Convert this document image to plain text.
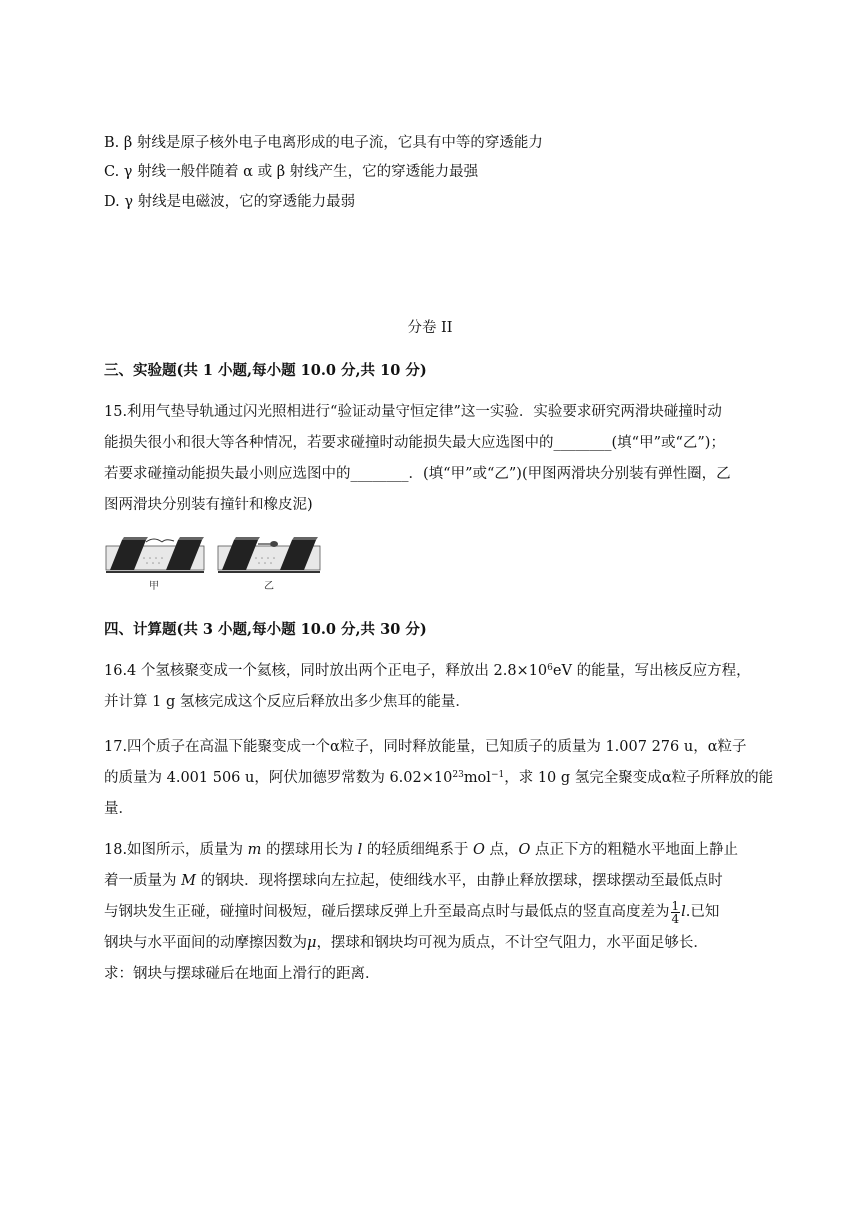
B. β 射线是原子核外电子电离形成的电子流，它具有中等的穿透能力
C. γ 射线一般伴随着 α 或 β 射线产生，它的穿透能力最强
D. γ 射线是电磁波，它的穿透能力最弱
分卷 II
三、实验题(共 1 小题,每小题 10.0 分,共 10 分)
15.利用气垫导轨通过闪光照相进行“验证动量守恒定律”这一实验．实验要求研究两滑块碰撞时动
能损失很小和很大等各种情况，若要求碰撞时动能损失最大应选图中的________(填“甲”或“乙”)；
若要求碰撞动能损失最小则应选图中的________．(填“甲”或“乙”)(甲图两滑块分别装有弹性圈，乙
图两滑块分别装有撞针和橡皮泥)
甲	乙
四、计算题(共 3 小题,每小题 10.0 分,共 30 分)
16.4 个氢核聚变成一个氦核，同时放出两个正电子，释放出 $2.8\times 10^6eV$ 的能量，写出核反应方程，
并计算 1 g 氢核完成这个反应后释放出多少焦耳的能量．
17.四个质子在高温下能聚变成一个α粒子，同时释放能量，已知质子的质量为 1.007 276 u，α粒子
的质量为 4.001 506 u，阿伏加德罗常数为 $6.02\times 10^{23}mol^{-1}$，求 10 g 氢完全聚变成α粒子所释放的能
量．
18.如图所示，质量为 m 的摆球用长为 l 的轻质细绳系于 O 点，O 点正下方的粗糙水平地面上静止
着一质量为 M 的钢块．现将摆球向左拉起，使细线水平，由静止释放摆球，摆球摆动至最低点时
与钢块发生正碰，碰撞时间极短，碰后摆球反弹上升至最高点时与最低点的竖直高度差为 $\frac{1}{4} l$.已知
钢块与水平面间的动摩擦因数为μ，摆球和钢块均可视为质点，不计空气阻力，水平面足够长．
求：钢块与摆球碰后在地面上滑行的距离．
